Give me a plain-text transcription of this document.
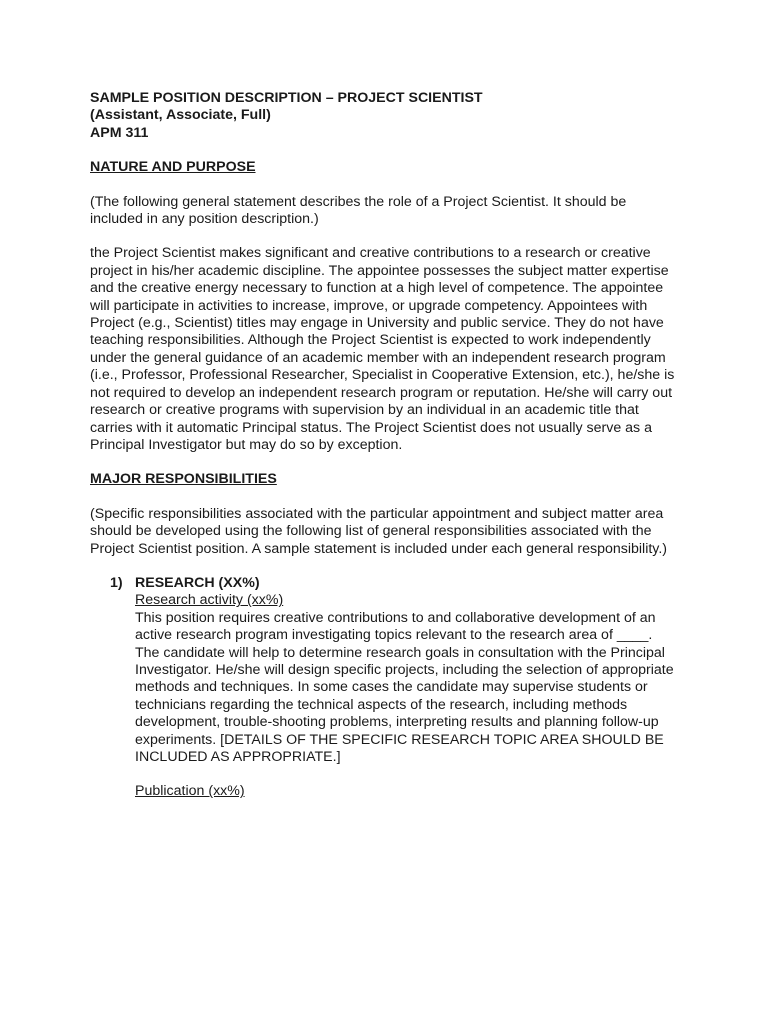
SAMPLE POSITION DESCRIPTION – PROJECT SCIENTIST
(Assistant, Associate, Full)
APM 311
NATURE AND PURPOSE

(The following general statement describes the role of a Project Scientist. It should be included in any position description.)

the Project Scientist makes significant and creative contributions to a research or creative project in his/her academic discipline. The appointee possesses the subject matter expertise and the creative energy necessary to function at a high level of competence. The appointee will participate in activities to increase, improve, or upgrade competency. Appointees with Project (e.g., Scientist) titles may engage in University and public service. They do not have teaching responsibilities. Although the Project Scientist is expected to work independently under the general guidance of an academic member with an independent research program (i.e., Professor, Professional Researcher, Specialist in Cooperative Extension, etc.), he/she is not required to develop an independent research program or reputation. He/she will carry out research or creative programs with supervision by an individual in an academic title that carries with it automatic Principal status. The Project Scientist does not usually serve as a Principal Investigator but may do so by exception.

MAJOR RESPONSIBILITIES

(Specific responsibilities associated with the particular appointment and subject matter area should be developed using the following list of general responsibilities associated with the Project Scientist position. A sample statement is included under each general responsibility.)

1) RESEARCH (XX%)
Research activity (xx%)

This position requires creative contributions to and collaborative development of an active research program investigating topics relevant to the research area of ____. The candidate will help to determine research goals in consultation with the Principal Investigator. He/she will design specific projects, including the selection of appropriate methods and techniques. In some cases the candidate may supervise students or technicians regarding the technical aspects of the research, including methods development, trouble-shooting problems, interpreting results and planning follow-up experiments. [DETAILS OF THE SPECIFIC RESEARCH TOPIC AREA SHOULD BE INCLUDED AS APPROPRIATE.]

Publication (xx%)
